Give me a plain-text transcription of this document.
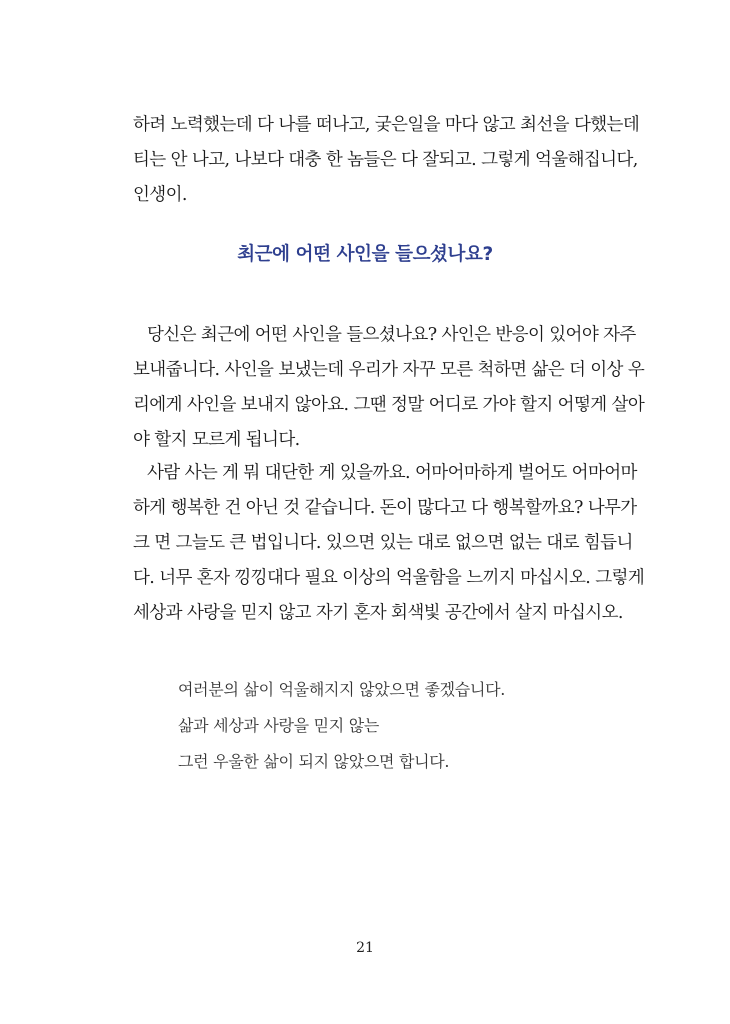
하려 노력했는데 다 나를 떠나고, 궂은일을 마다 않고 최선을 다했는데
티는 안 나고, 나보다 대충 한 놈들은 다 잘되고. 그렇게 억울해집니다,
인생이.

최근에 어떤 사인을 들으셨나요?

당신은 최근에 어떤 사인을 들으셨나요? 사인은 반응이 있어야 자주
보내줍니다. 사인을 보냈는데 우리가 자꾸 모른 척하면 삶은 더 이상 우
리에게 사인을 보내지 않아요. 그땐 정말 어디로 가야 할지 어떻게 살아
야 할지 모르게 됩니다.

사람 사는 게 뭐 대단한 게 있을까요. 어마어마하게 벌어도 어마어마
하게 행복한 건 아닌 것 같습니다. 돈이 많다고 다 행복할까요? 나무가
크 면 그늘도 큰 법입니다. 있으면 있는 대로 없으면 없는 대로 힘듭니
다. 너무 혼자 낑낑대다 필요 이상의 억울함을 느끼지 마십시오. 그렇게
세상과 사랑을 믿지 않고 자기 혼자 회색빛 공간에서 살지 마십시오.

여러분의 삶이 억울해지지 않았으면 좋겠습니다.
삶과 세상과 사랑을 믿지 않는
그런 우울한 삶이 되지 않았으면 합니다.

21
